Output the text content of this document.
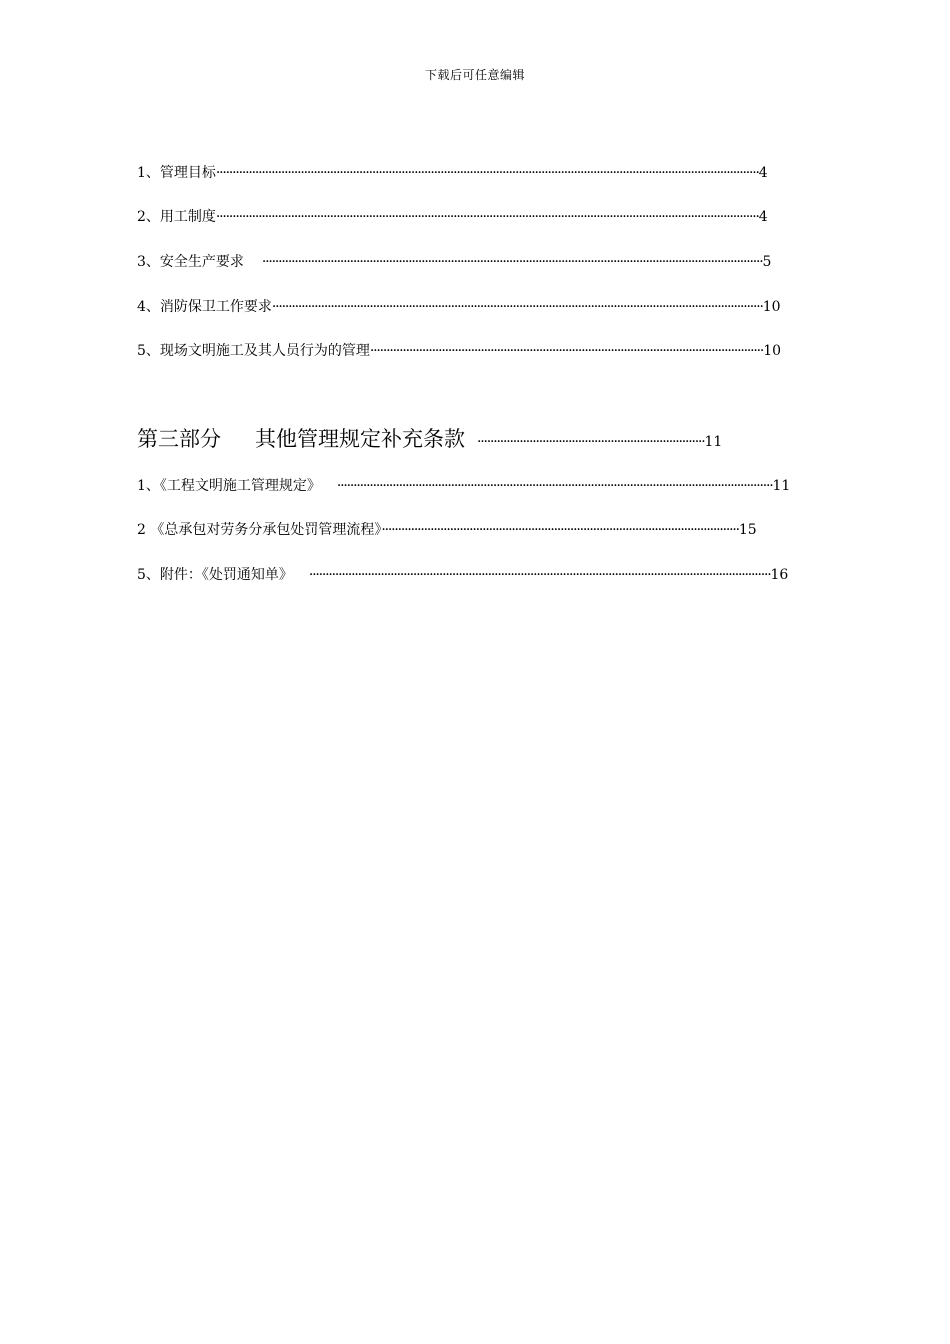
下载后可任意编辑
1、管理目标·······································································································································································4
2、用工制度·······································································································································································4
3、安全生产要求 ··························································································································································5
4、消防保卫工作要求·······················································································································································10
5、现场文明施工及其人员行为的管理·························································································································10
第三部分 其他管理规定补充条款 ······································································11
1、《工程文明施工管理规定》 ······································································································································11
2 《总承包对劳务分承包处罚管理流程》··············································································································15
5、附件：《处罚通知单》 ··············································································································································16
